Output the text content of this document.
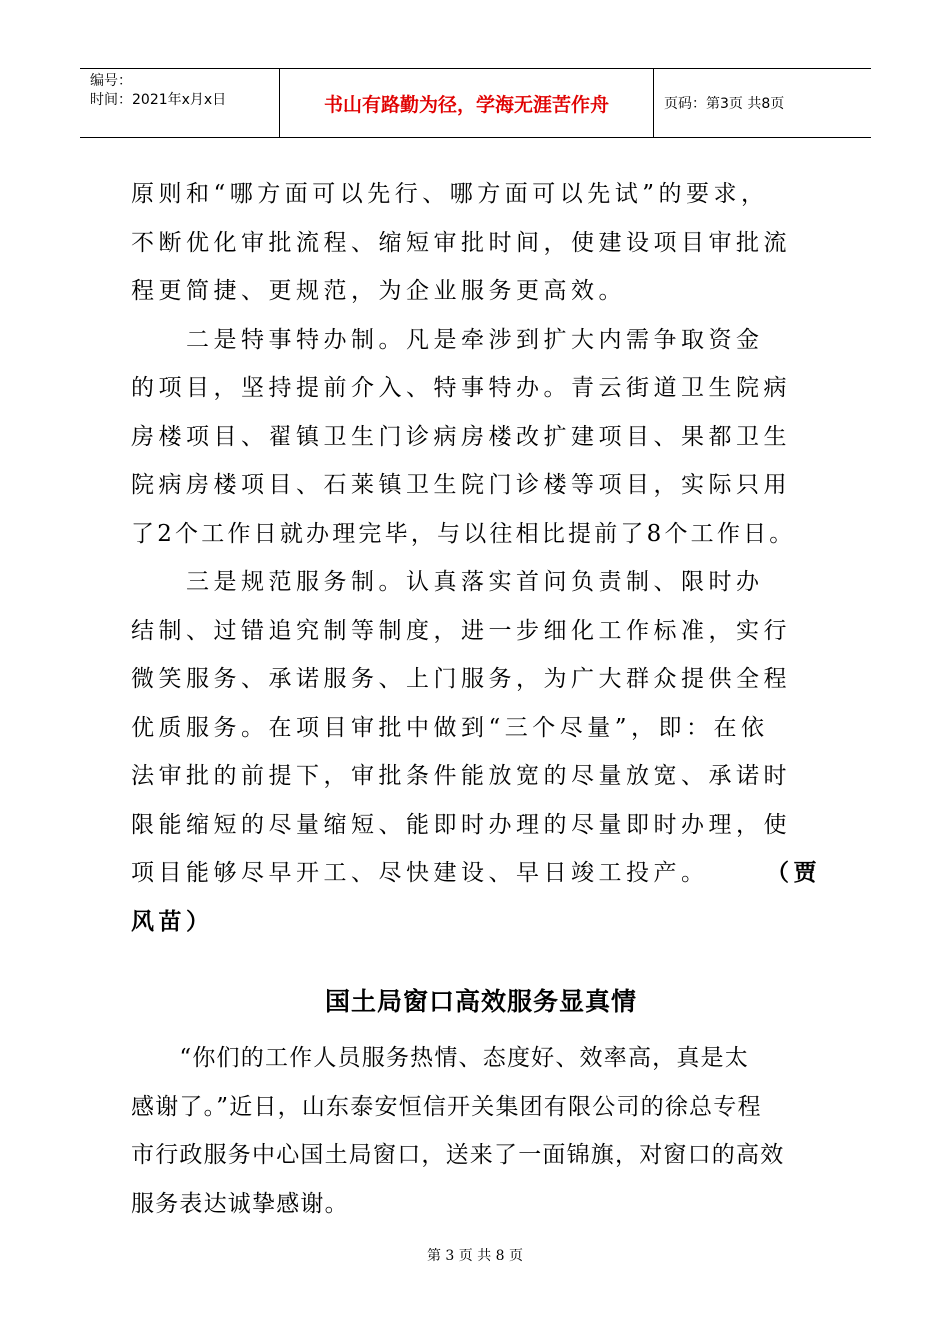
编号：
时间：2021年x月x日	书山有路勤为径，学海无涯苦作舟	页码：第3页 共8页
原则和“哪方面可以先行、哪方面可以先试”的要求，
不断优化审批流程、缩短审批时间，使建设项目审批流
程更简捷、更规范，为企业服务更高效。
　　二是特事特办制。凡是牵涉到扩大内需争取资金
的项目，坚持提前介入、特事特办。青云街道卫生院病
房楼项目、翟镇卫生门诊病房楼改扩建项目、果都卫生
院病房楼项目、石莱镇卫生院门诊楼等项目，实际只用
了2个工作日就办理完毕，与以往相比提前了8个工作日。
　　三是规范服务制。认真落实首问负责制、限时办
结制、过错追究制等制度，进一步细化工作标准，实行
微笑服务、承诺服务、上门服务，为广大群众提供全程
优质服务。在项目审批中做到“三个尽量”，即：在依
法审批的前提下，审批条件能放宽的尽量放宽、承诺时
限能缩短的尽量缩短、能即时办理的尽量即时办理，使
项目能够尽早开工、尽快建设、早日竣工投产。	（贾
风苗）
国土局窗口高效服务显真情
　　“你们的工作人员服务热情、态度好、效率高，真是太
感谢了。”近日，山东泰安恒信开关集团有限公司的徐总专程
市行政服务中心国土局窗口，送来了一面锦旗，对窗口的高效
服务表达诚挚感谢。
第 3 页 共 8 页
